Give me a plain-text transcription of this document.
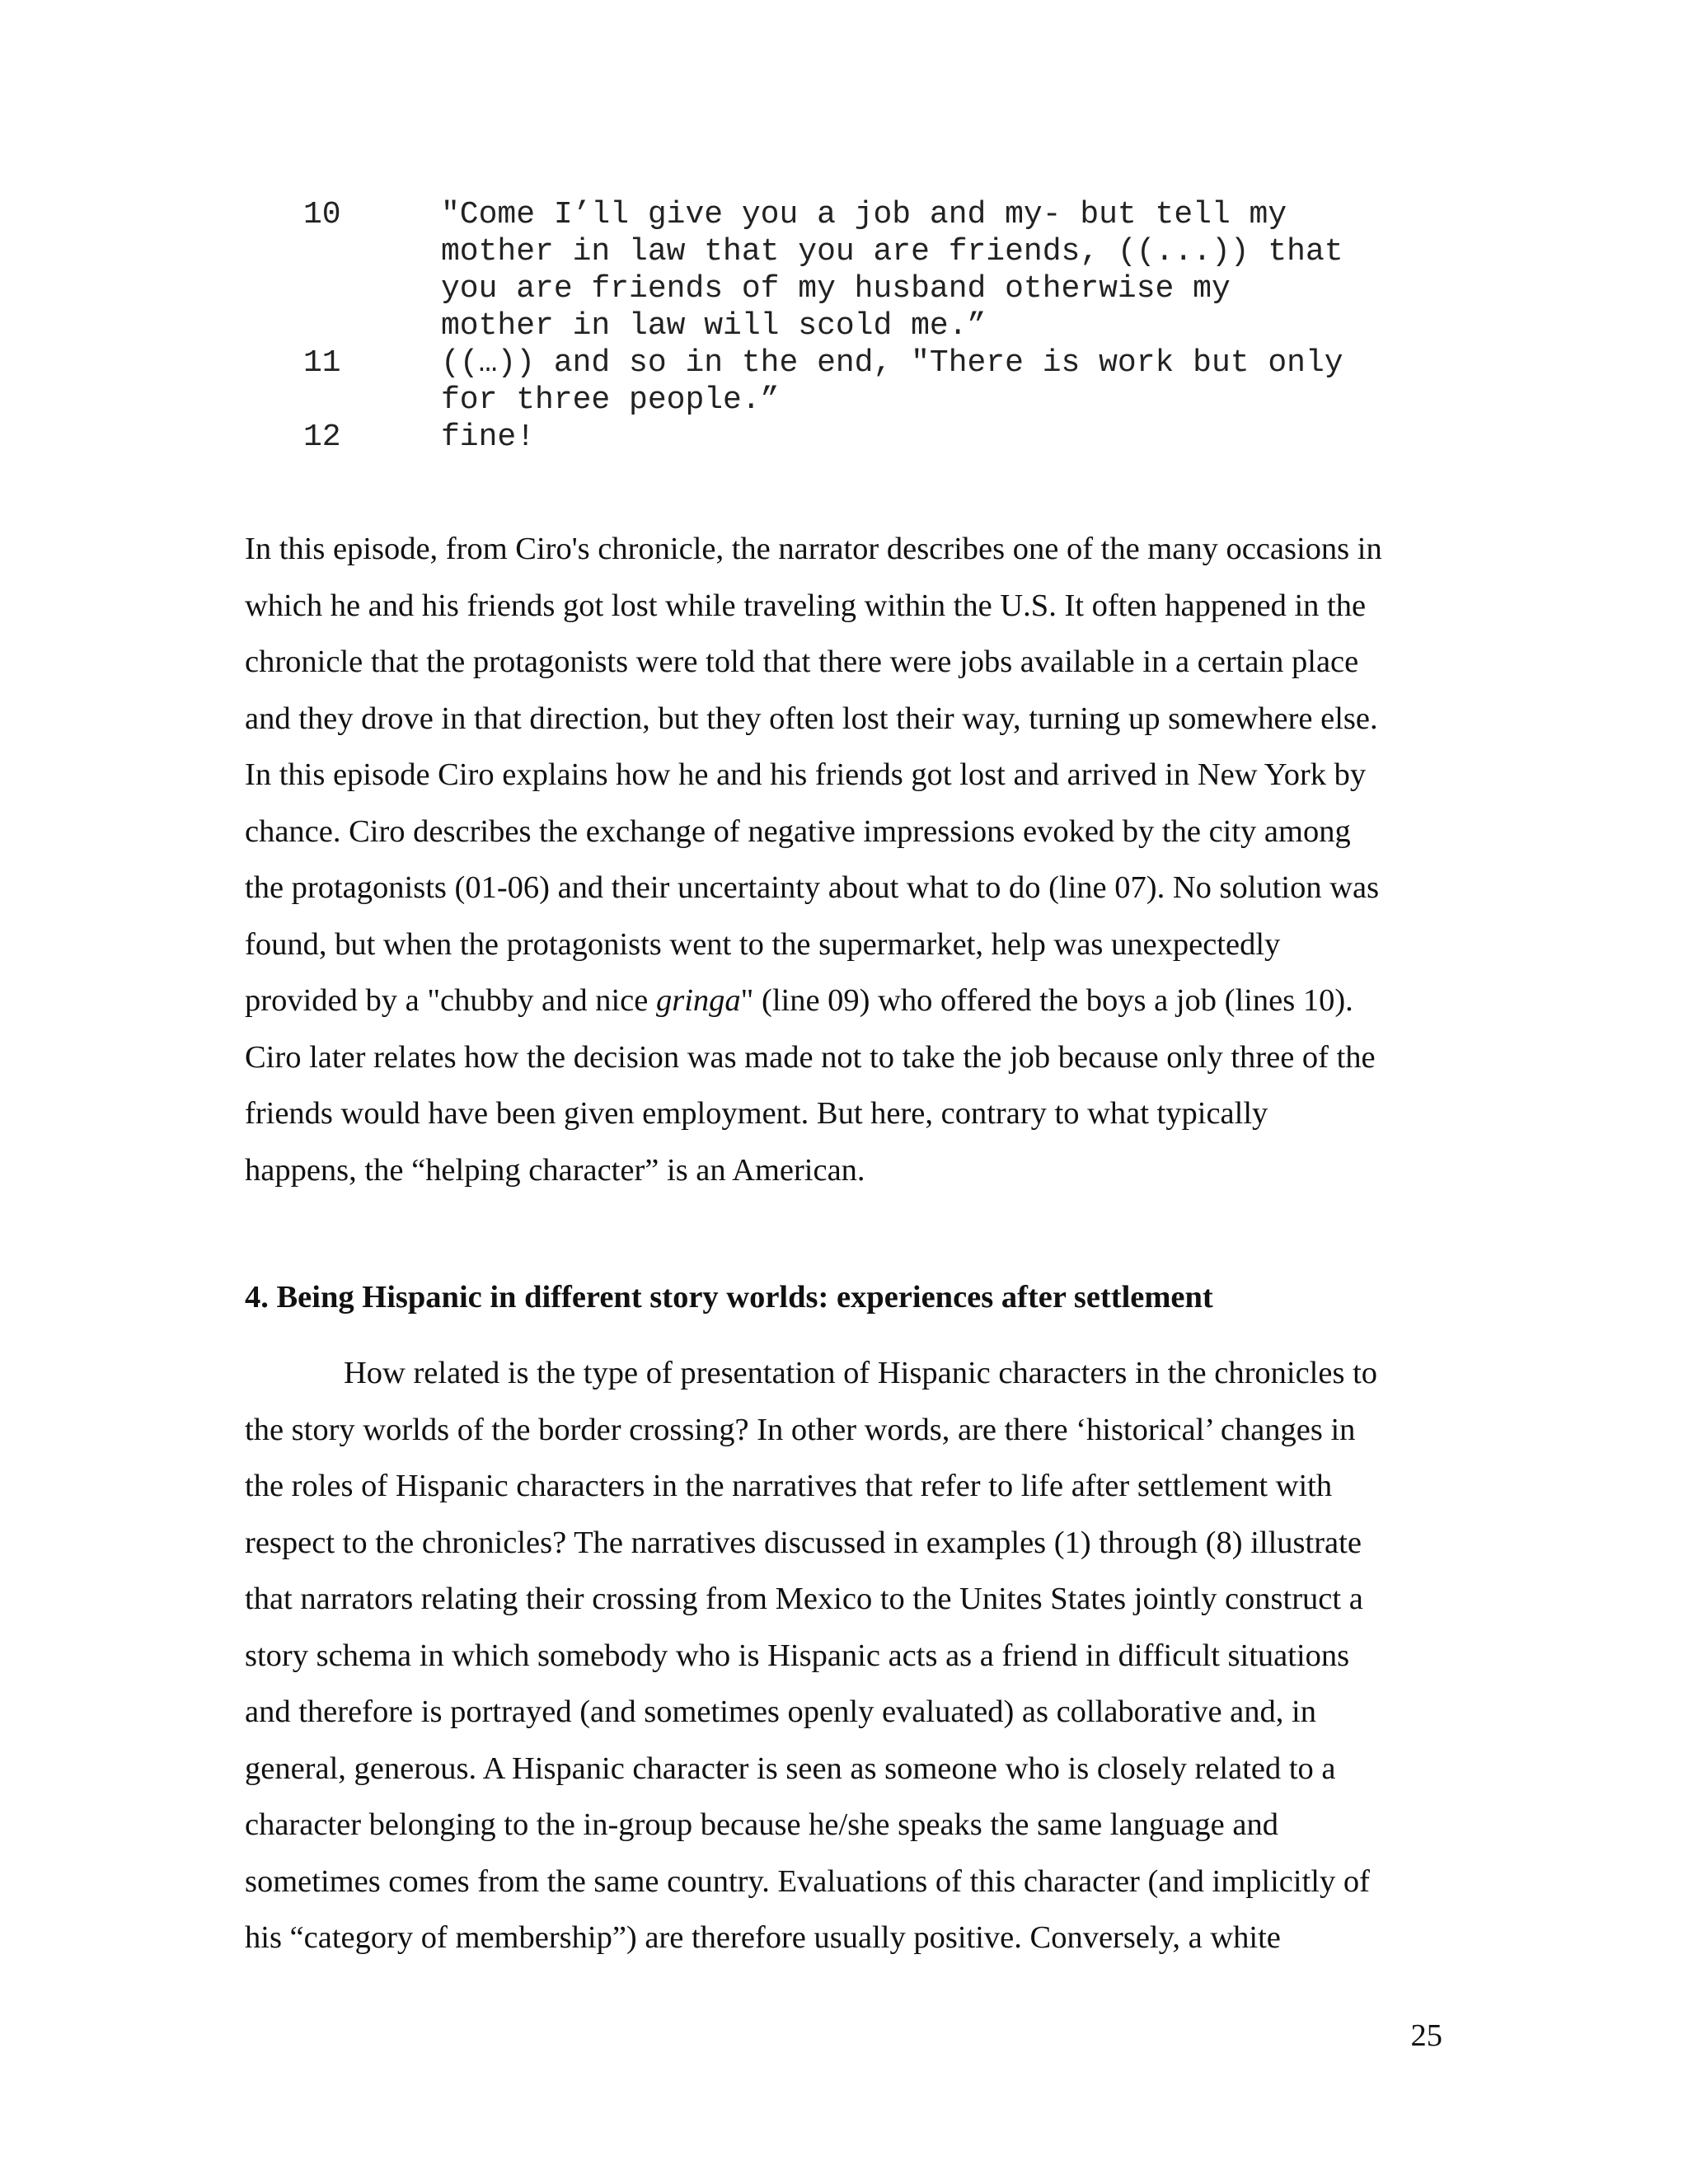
10	"Come I’ll give you a job and my- but tell my
mother in law that you are friends, ((...)) that
you are friends of my husband otherwise my
mother in law will scold me.”
11	((…)) and so in the end, "There is work but only
for three people.”
12	fine!
In this episode, from Ciro's chronicle, the narrator describes one of the many occasions in
which he and his friends got lost while traveling within the U.S. It often happened in the
chronicle that the protagonists were told that there were jobs available in a certain place
and they drove in that direction, but they often lost their way, turning up somewhere else.
In this episode Ciro explains how he and his friends got lost and arrived in New York by
chance. Ciro describes the exchange of negative impressions evoked by the city among
the protagonists (01-06) and their uncertainty about what to do (line 07). No solution was
found, but when the protagonists went to the supermarket, help was unexpectedly
provided by a "chubby and nice gringa" (line 09) who offered the boys a job (lines 10).
Ciro later relates how the decision was made not to take the job because only three of the
friends would have been given employment. But here, contrary to what typically
happens, the “helping character” is an American.
4. Being Hispanic in different story worlds: experiences after settlement
How related is the type of presentation of Hispanic characters in the chronicles to
the story worlds of the border crossing? In other words, are there ‘historical’ changes in
the roles of Hispanic characters in the narratives that refer to life after settlement with
respect to the chronicles? The narratives discussed in examples (1) through (8) illustrate
that narrators relating their crossing from Mexico to the Unites States jointly construct a
story schema in which somebody who is Hispanic acts as a friend in difficult situations
and therefore is portrayed (and sometimes openly evaluated) as collaborative and, in
general, generous. A Hispanic character is seen as someone who is closely related to a
character belonging to the in-group because he/she speaks the same language and
sometimes comes from the same country. Evaluations of this character (and implicitly of
his “category of membership”) are therefore usually positive. Conversely, a white
25
